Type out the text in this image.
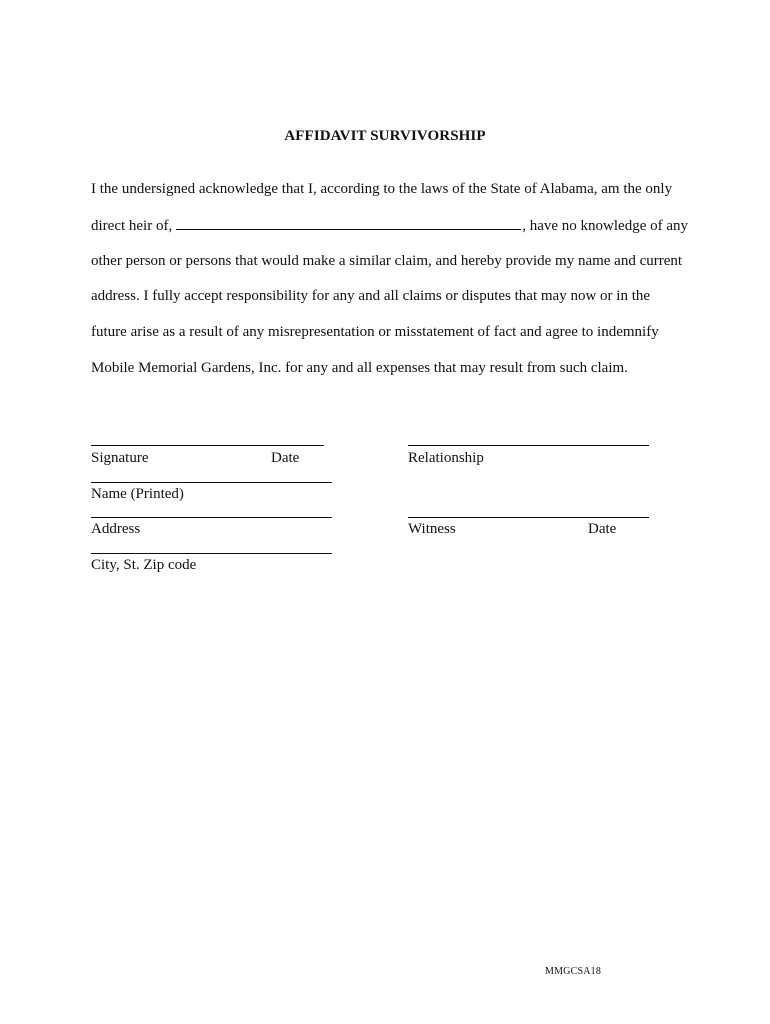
AFFIDAVIT SURVIVORSHIP
I the undersigned acknowledge that I, according to the laws of the State of Alabama, am the only
direct heir of,	, have no knowledge of any
other person or persons that would make a similar claim, and hereby provide my name and current
address. I fully accept responsibility for any and all claims or disputes that may now or in the
future arise as a result of any misrepresentation or misstatement of fact and agree to indemnify
Mobile Memorial Gardens, Inc. for any and all expenses that may result from such claim.
Signature	Date
Name (Printed)
Address
City, St. Zip code
Relationship
Witness	Date
MMGCSA18
